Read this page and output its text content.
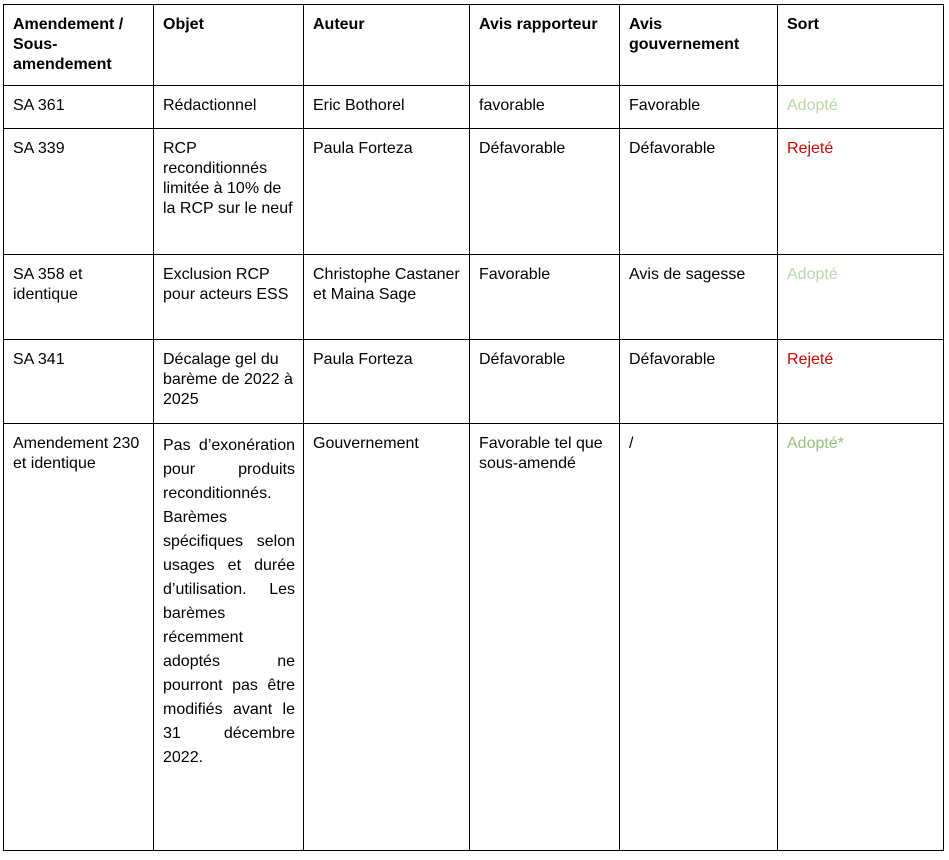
Amendement / Sous-amendement	Objet	Auteur	Avis rapporteur	Avis gouvernement	Sort
SA 361	Rédactionnel	Eric Bothorel	favorable	Favorable	Adopté
SA 339	RCP reconditionnés limitée à 10% de la RCP sur le neuf	Paula Forteza	Défavorable	Défavorable	Rejeté
SA 358 et identique	Exclusion RCP pour acteurs ESS	Christophe Castaner et Maina Sage	Favorable	Avis de sagesse	Adopté
SA 341	Décalage gel du barème de 2022 à 2025	Paula Forteza	Défavorable	Défavorable	Rejeté
Amendement 230 et identique	Pas d’exonération pour produits reconditionnés. Barèmes spécifiques selon usages et durée d’utilisation. Les barèmes récemment adoptés ne pourront pas être modifiés avant le 31 décembre 2022.	Gouvernement	Favorable tel que sous-amendé	/	Adopté*
